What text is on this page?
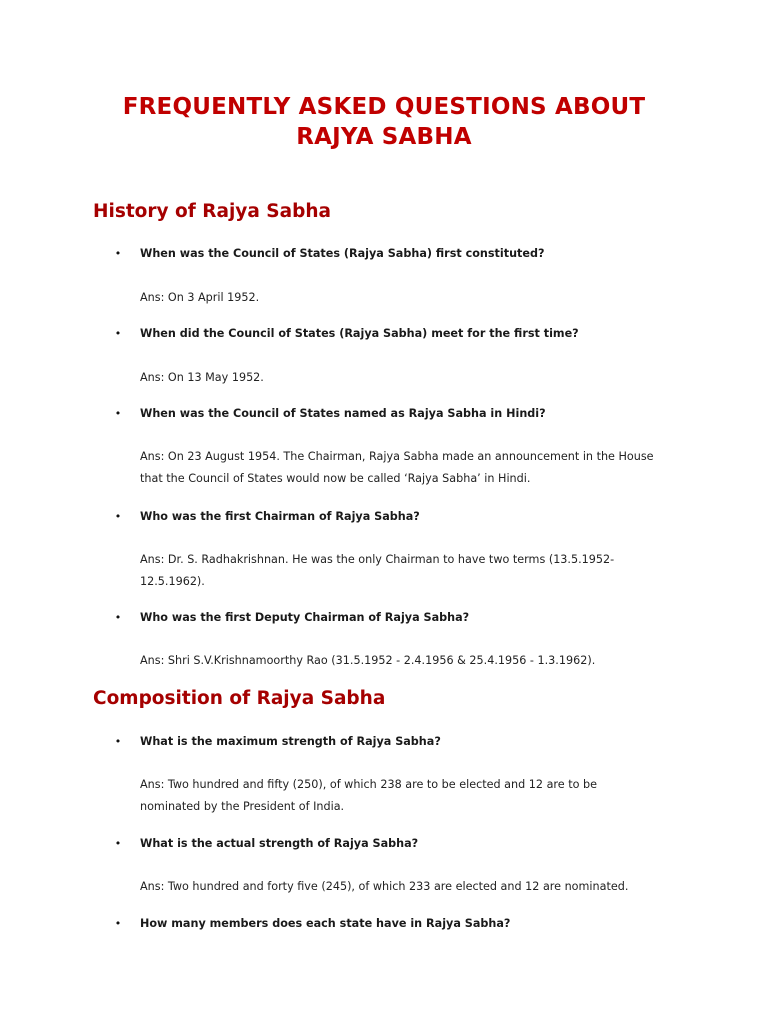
FREQUENTLY ASKED QUESTIONS ABOUT
RAJYA SABHA
History of Rajya Sabha
• When was the Council of States (Rajya Sabha) first constituted?
Ans: On 3 April 1952.
• When did the Council of States (Rajya Sabha) meet for the first time?
Ans: On 13 May 1952.
• When was the Council of States named as Rajya Sabha in Hindi?
Ans: On 23 August 1954. The Chairman, Rajya Sabha made an announcement in the House that the Council of States would now be called ‘Rajya Sabha’ in Hindi.
• Who was the first Chairman of Rajya Sabha?
Ans: Dr. S. Radhakrishnan. He was the only Chairman to have two terms (13.5.1952-12.5.1962).
• Who was the first Deputy Chairman of Rajya Sabha?
Ans: Shri S.V.Krishnamoorthy Rao (31.5.1952 - 2.4.1956 & 25.4.1956 - 1.3.1962).
Composition of Rajya Sabha
• What is the maximum strength of Rajya Sabha?
Ans: Two hundred and fifty (250), of which 238 are to be elected and 12 are to be nominated by the President of India.
• What is the actual strength of Rajya Sabha?
Ans: Two hundred and forty five (245), of which 233 are elected and 12 are nominated.
• How many members does each state have in Rajya Sabha?
